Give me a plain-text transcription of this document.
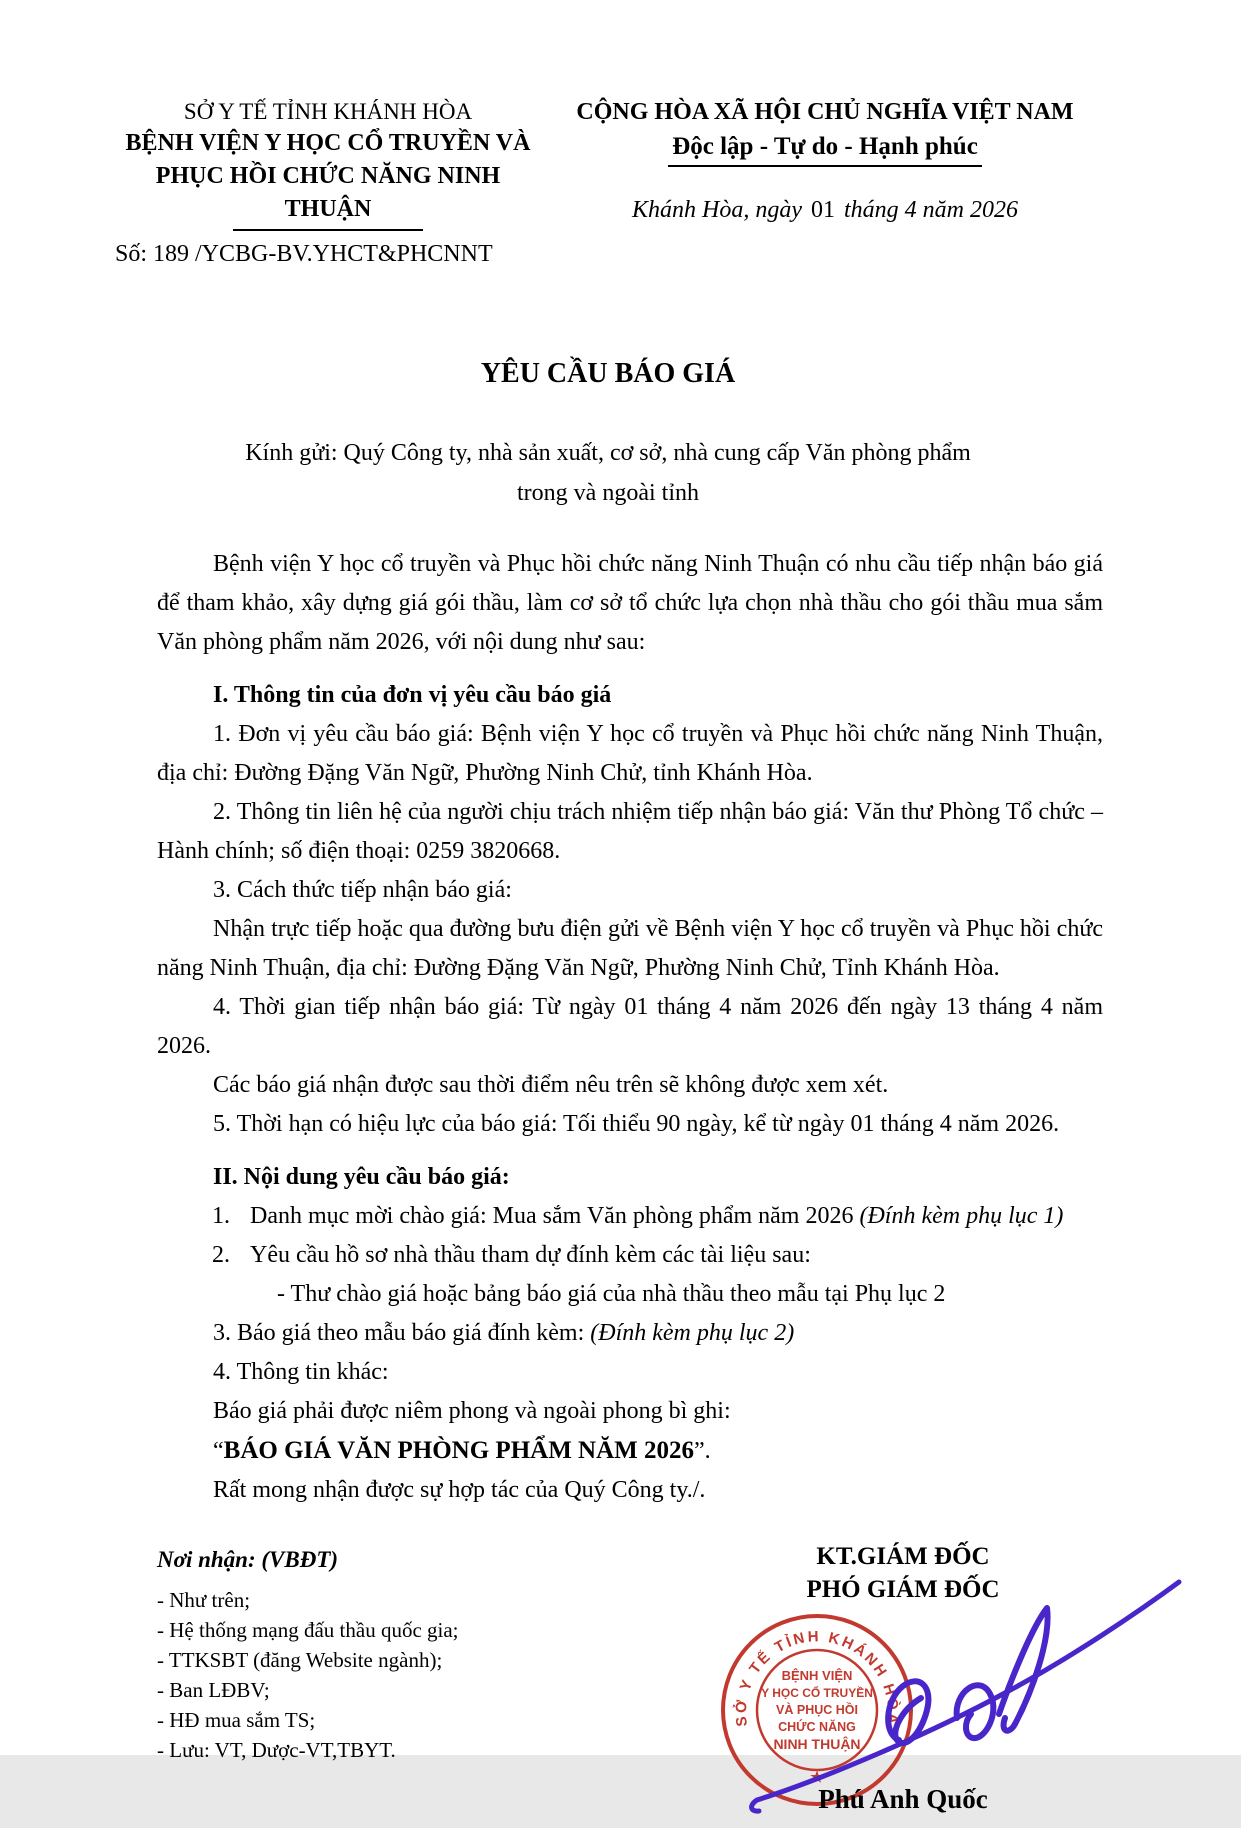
SỞ Y TẾ TỈNH KHÁNH HÒA
BỆNH VIỆN Y HỌC CỔ TRUYỀN VÀ
PHỤC HỒI CHỨC NĂNG NINH THUẬN
Số: 189 /YCBG-BV.YHCT&PHCNNT
CỘNG HÒA XÃ HỘI CHỦ NGHĨA VIỆT NAM
Độc lập - Tự do - Hạnh phúc
Khánh Hòa, ngày 01 tháng 4 năm 2026
YÊU CẦU BÁO GIÁ
Kính gửi: Quý Công ty, nhà sản xuất, cơ sở, nhà cung cấp Văn phòng phẩm
trong và ngoài tỉnh

Bệnh viện Y học cổ truyền và Phục hồi chức năng Ninh Thuận có nhu cầu tiếp nhận báo giá để tham khảo, xây dựng giá gói thầu, làm cơ sở tổ chức lựa chọn nhà thầu cho gói thầu mua sắm Văn phòng phẩm năm 2026, với nội dung như sau:

I. Thông tin của đơn vị yêu cầu báo giá

1. Đơn vị yêu cầu báo giá: Bệnh viện Y học cổ truyền và Phục hồi chức năng Ninh Thuận, địa chỉ: Đường Đặng Văn Ngữ, Phường Ninh Chử, tỉnh Khánh Hòa.

2. Thông tin liên hệ của người chịu trách nhiệm tiếp nhận báo giá: Văn thư Phòng Tổ chức – Hành chính; số điện thoại: 0259 3820668.

3. Cách thức tiếp nhận báo giá:

Nhận trực tiếp hoặc qua đường bưu điện gửi về Bệnh viện Y học cổ truyền và Phục hồi chức năng Ninh Thuận, địa chỉ: Đường Đặng Văn Ngữ, Phường Ninh Chử, Tỉnh Khánh Hòa.

4. Thời gian tiếp nhận báo giá: Từ ngày 01 tháng 4 năm 2026 đến ngày 13 tháng 4 năm 2026.

Các báo giá nhận được sau thời điểm nêu trên sẽ không được xem xét.

5. Thời hạn có hiệu lực của báo giá: Tối thiểu 90 ngày, kể từ ngày 01 tháng 4 năm 2026.

II. Nội dung yêu cầu báo giá:

1. Danh mục mời chào giá: Mua sắm Văn phòng phẩm năm 2026 (Đính kèm phụ lục 1)

2. Yêu cầu hồ sơ nhà thầu tham dự đính kèm các tài liệu sau:

- Thư chào giá hoặc bảng báo giá của nhà thầu theo mẫu tại Phụ lục 2

3. Báo giá theo mẫu báo giá đính kèm: (Đính kèm phụ lục 2)

4. Thông tin khác:

Báo giá phải được niêm phong và ngoài phong bì ghi:

“BÁO GIÁ VĂN PHÒNG PHẨM NĂM 2026”.

Rất mong nhận được sự hợp tác của Quý Công ty./.

Nơi nhận: (VBĐT)

- Như trên;
- Hệ thống mạng đấu thầu quốc gia;
- TTKSBT (đăng Website ngành);
- Ban LĐBV;
- HĐ mua sắm TS;
- Lưu: VT, Dược-VT,TBYT.
KT.GIÁM ĐỐC
PHÓ GIÁM ĐỐC
SỞ Y TẾ TỈNH KHÁNH HÒA
BỆNH VIỆN
Y HỌC CỔ TRUYỀN
VÀ PHỤC HỒI
CHỨC NĂNG
NINH THUẬN
★
Phú Anh Quốc
